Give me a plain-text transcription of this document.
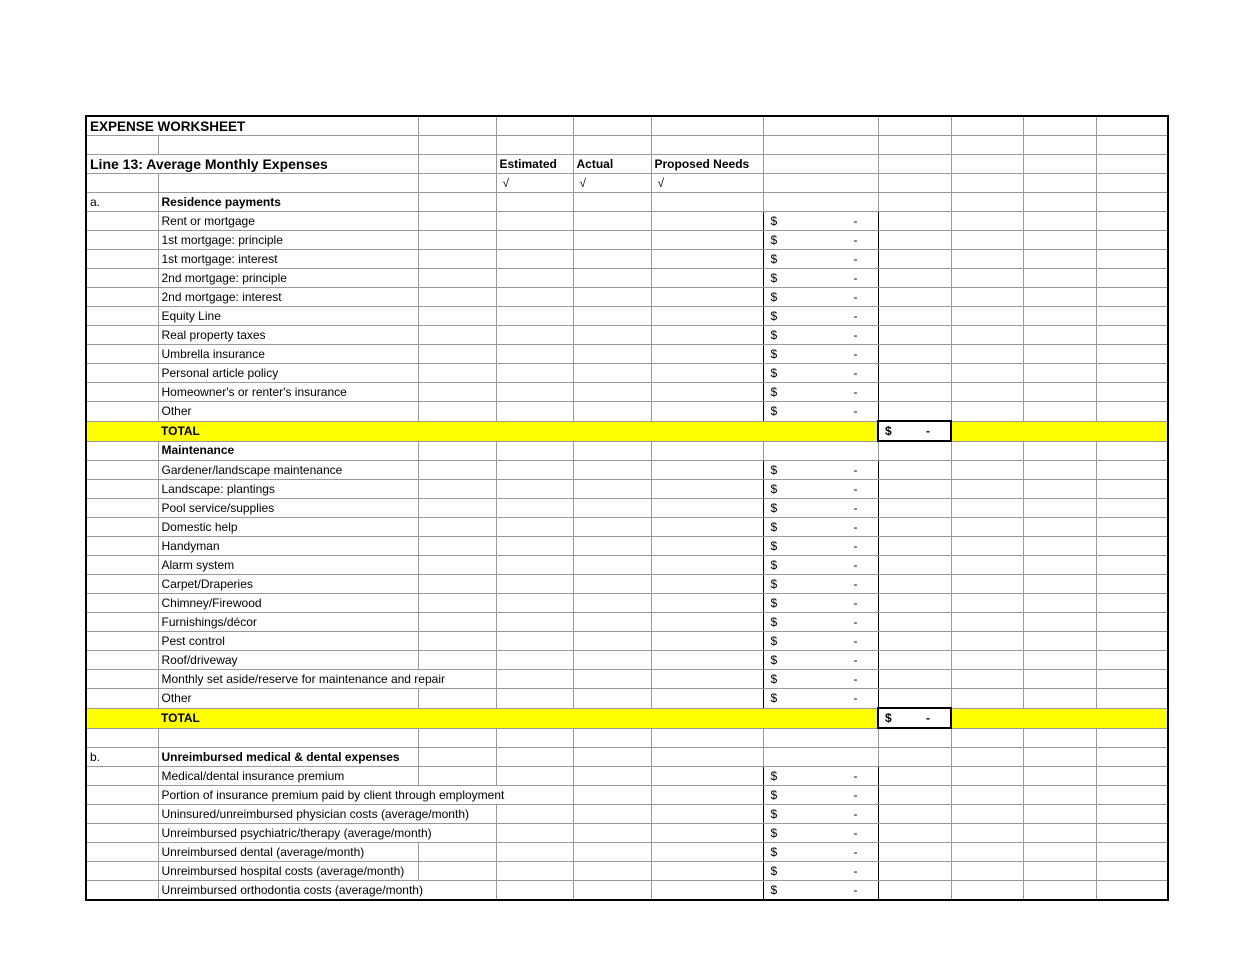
EXPENSE WORKSHEET										

Line 13: Average Monthly Expenses			Estimated	Actual	Proposed Needs					
			√	√	√					
a.	Residence payments									
	Rent or mortgage					$ -				

	1st mortgage: principle					$ -				

	1st mortgage: interest					$ -				

	2nd mortgage: principle					$ -				

	2nd mortgage: interest					$ -				

	Equity Line					$ -				

	Real property taxes					$ -				

	Umbrella insurance					$ -				

	Personal article policy					$ -				

	Homeowner's or renter's insurance					$ -				

	Other					$ -				

	TOTAL						$ -			

	Maintenance									
	Gardener/landscape maintenance					$ -				

	Landscape: plantings					$ -				

	Pool service/supplies					$ -				

	Domestic help					$ -				

	Handyman					$ -				

	Alarm system					$ -				

	Carpet/Draperies					$ -				

	Chimney/Firewood					$ -				

	Furnishings/décor					$ -				

	Pest control					$ -				

	Roof/driveway					$ -				

	Monthly set aside/reserve for maintenance and repair					$ -				

	Other					$ -				

	TOTAL						$ -			

b.	Unreimbursed medical & dental expenses									
	Medical/dental insurance premium					$ -				

	Portion of insurance premium paid by client through employment					$ -				

	Uninsured/unreimbursed physician costs (average/month)					$ -				

	Unreimbursed psychiatric/therapy (average/month)					$ -				

	Unreimbursed dental (average/month)					$ -				

	Unreimbursed hospital costs (average/month)					$ -				

	Unreimbursed orthodontia costs (average/month)					$ -				
